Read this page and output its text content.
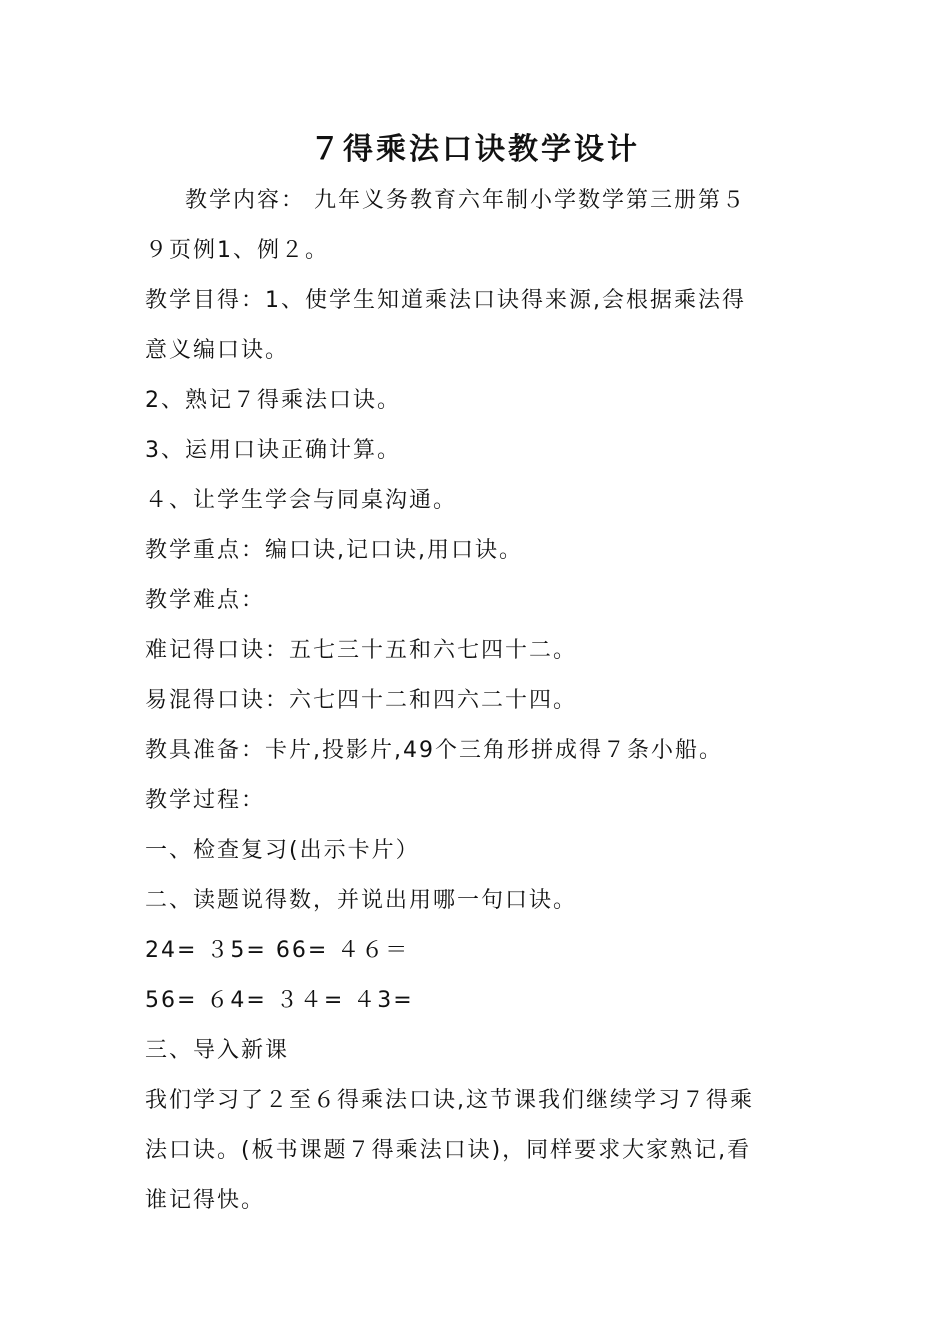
７得乘法口诀教学设计
教学内容： 九年义务教育六年制小学数学第三册第５
９页例1、例２。
教学目得：1、使学生知道乘法口诀得来源,会根据乘法得
意义编口诀。
2、熟记７得乘法口诀。
3、运用口诀正确计算。
４、让学生学会与同桌沟通。
教学重点：编口诀,记口诀,用口诀。
教学难点：
难记得口诀：五七三十五和六七四十二。
易混得口诀：六七四十二和四六二十四。
教具准备：卡片,投影片,49个三角形拼成得７条小船。
教学过程：
一、检查复习(出示卡片）
二、读题说得数，并说出用哪一句口诀。
24= ３5= 66= ４６＝
56= ６4= ３４= ４3=
三、导入新课
我们学习了２至６得乘法口诀,这节课我们继续学习７得乘
法口诀。(板书课题７得乘法口诀)，同样要求大家熟记,看
谁记得快。
